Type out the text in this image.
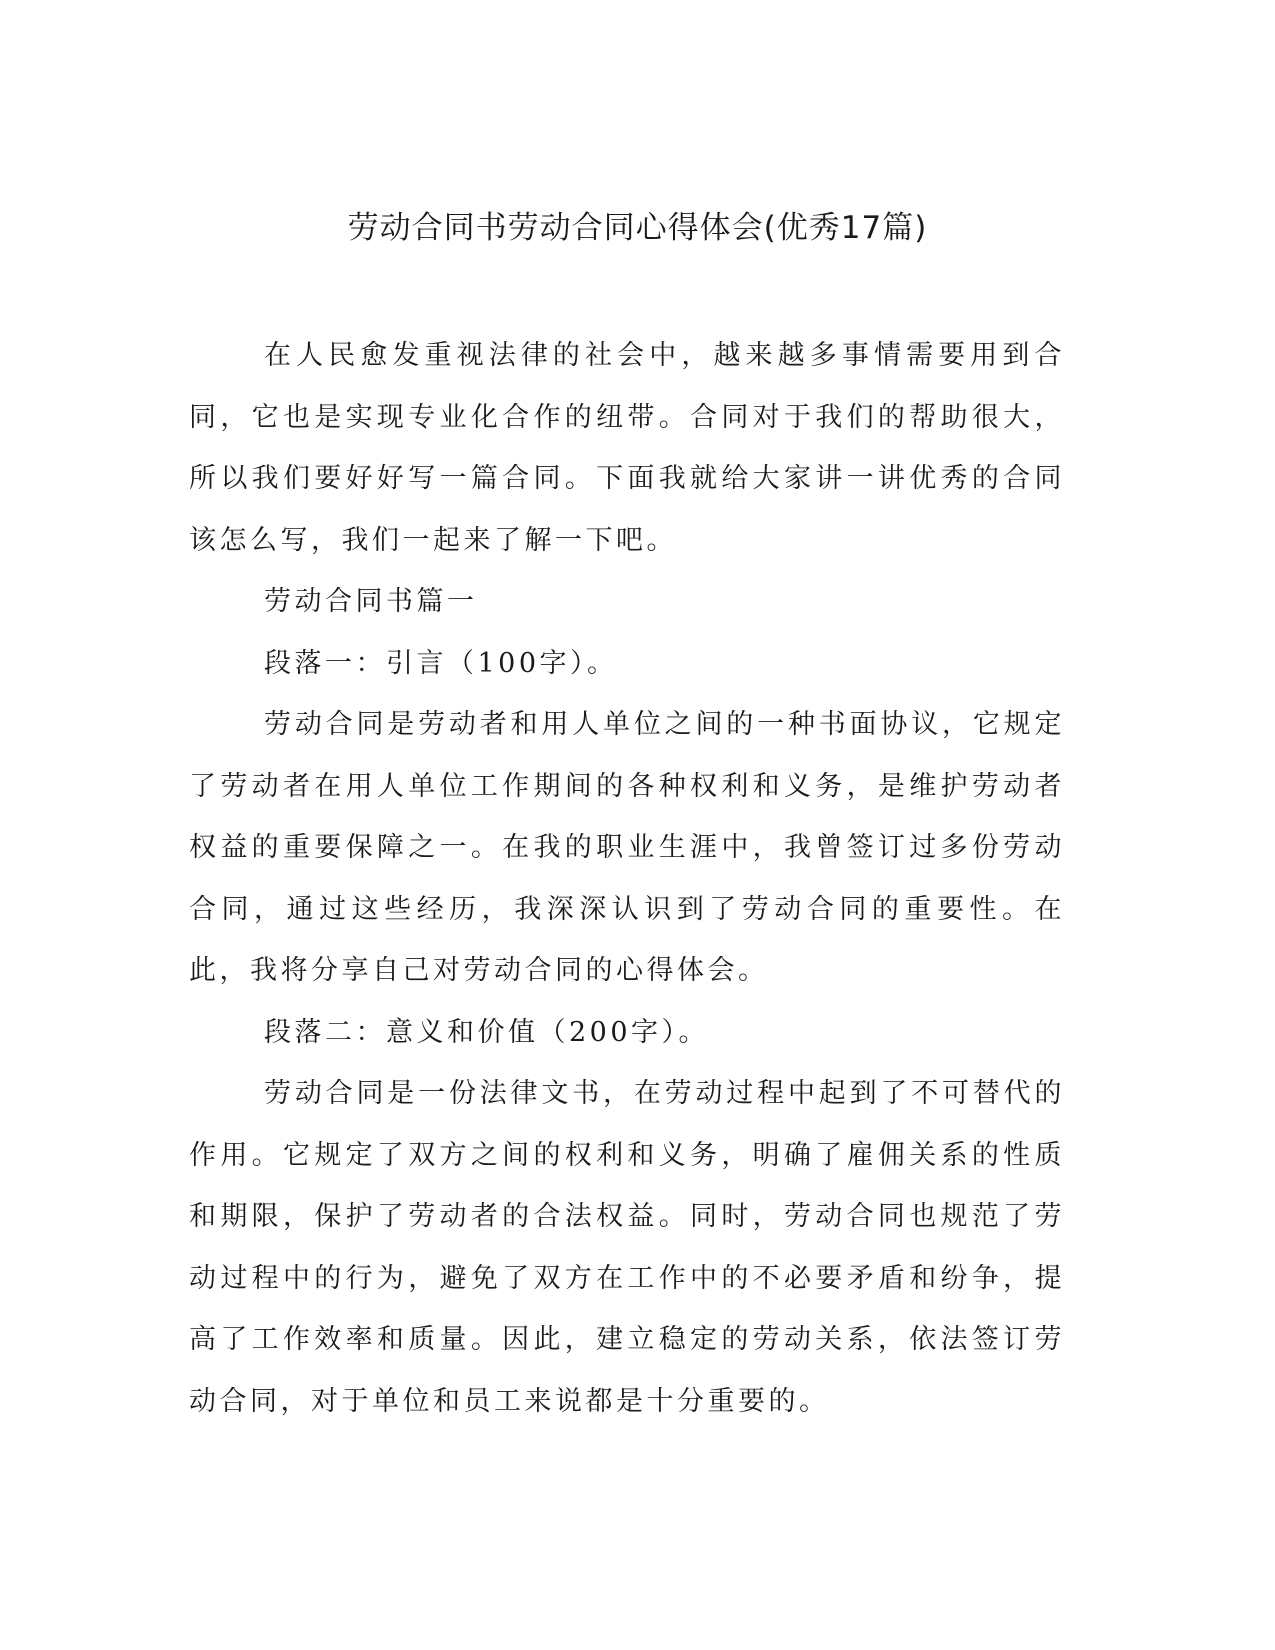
劳动合同书劳动合同心得体会(优秀17篇)

在人民愈发重视法律的社会中，越来越多事情需要用到合同，它也是实现专业化合作的纽带。合同对于我们的帮助很大，所以我们要好好写一篇合同。下面我就给大家讲一讲优秀的合同该怎么写，我们一起来了解一下吧。

劳动合同书篇一

段落一：引言（100字）。

劳动合同是劳动者和用人单位之间的一种书面协议，它规定了劳动者在用人单位工作期间的各种权利和义务，是维护劳动者权益的重要保障之一。在我的职业生涯中，我曾签订过多份劳动合同，通过这些经历，我深深认识到了劳动合同的重要性。在此，我将分享自己对劳动合同的心得体会。

段落二：意义和价值（200字）。

劳动合同是一份法律文书，在劳动过程中起到了不可替代的作用。它规定了双方之间的权利和义务，明确了雇佣关系的性质和期限，保护了劳动者的合法权益。同时，劳动合同也规范了劳动过程中的行为，避免了双方在工作中的不必要矛盾和纷争，提高了工作效率和质量。因此，建立稳定的劳动关系，依法签订劳动合同，对于单位和员工来说都是十分重要的。
